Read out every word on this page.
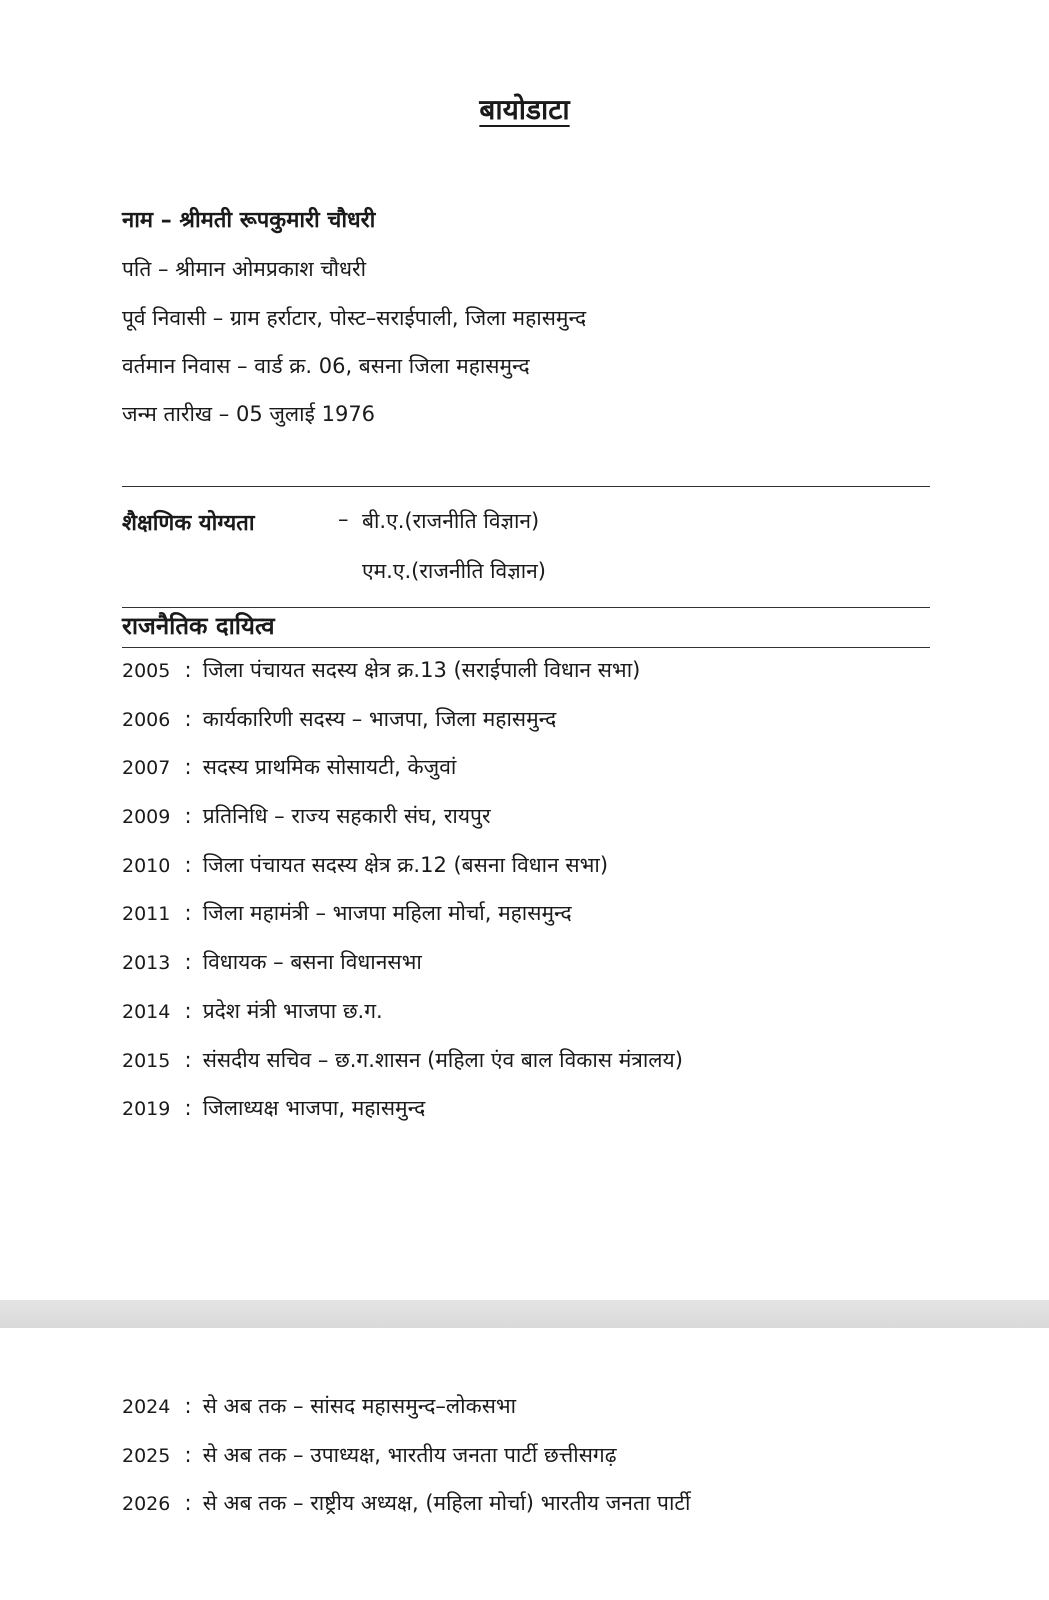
बायोडाटा
नाम – श्रीमती रूपकुमारी चौधरी
पति – श्रीमान ओमप्रकाश चौधरी
पूर्व निवासी – ग्राम हर्राटार, पोस्ट–सराईपाली, जिला महासमुन्द
वर्तमान निवास – वार्ड क्र. 06, बसना जिला महासमुन्द
जन्म तारीख – 05 जुलाई 1976
शैक्षणिक योग्यता	– बी.ए.(राजनीति विज्ञान)
एम.ए.(राजनीति विज्ञान)
राजनैतिक दायित्व
2005 : जिला पंचायत सदस्य क्षेत्र क्र.13 (सराईपाली विधान सभा)
2006 : कार्यकारिणी सदस्य – भाजपा, जिला महासमुन्द
2007 : सदस्य प्राथमिक सोसायटी, केजुवां
2009 : प्रतिनिधि – राज्य सहकारी संघ, रायपुर
2010 : जिला पंचायत सदस्य क्षेत्र क्र.12 (बसना विधान सभा)
2011 : जिला महामंत्री – भाजपा महिला मोर्चा, महासमुन्द
2013 : विधायक – बसना विधानसभा
2014 : प्रदेश मंत्री भाजपा छ.ग.
2015 : संसदीय सचिव – छ.ग.शासन (महिला एंव बाल विकास मंत्रालय)
2019 : जिलाध्यक्ष भाजपा, महासमुन्द
2024 : से अब तक – सांसद महासमुन्द–लोकसभा
2025 : से अब तक – उपाध्यक्ष, भारतीय जनता पार्टी छत्तीसगढ़
2026 : से अब तक – राष्ट्रीय अध्यक्ष, (महिला मोर्चा) भारतीय जनता पार्टी
